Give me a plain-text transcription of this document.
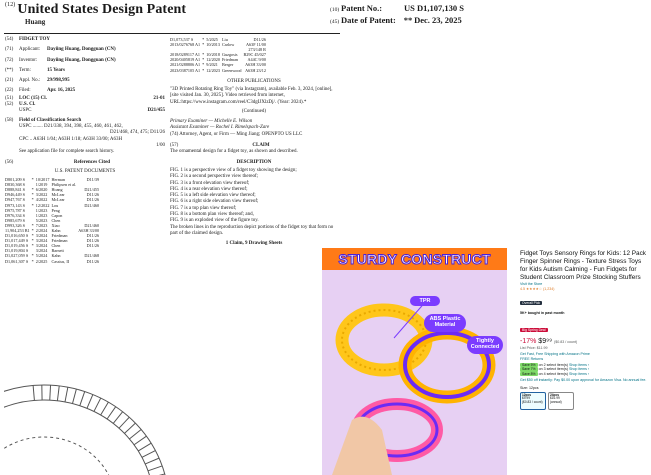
$^{(12)}$ United States Design Patent
Huang
(10) Patent No.:	US D1,107,130 S
(45) Date of Patent: ** Dec. 23, 2025
(54)	FIDGET TOY
(71)	Applicant:	Dayiing Huang, Dongguan (CN)
(72)	Inventor:	Dayiing Huang, Dongguan (CN)
(**)	Term:	15 Years
(21)	Appl. No.:	29/998,995
(22)	Filed:	Apr. 16, 2025
(51) LOC (15) Cl.	21-01
(52)	U.S. Cl.
USPC	D21/455
(58)	Field of Classification Search
USPC ........ D21/338, 394, 398, 455, 460, 461, 462,
D21/468, 474, 475; D11/26
CPC .. A63H 1/04; A63H 1/18; A63H 33/00; A63H
1/00
See application file for complete search history.
(56)	References Cited
U.S. PATENT DOCUMENTS
D801,209 S	*	10/2017	Herman	D11/39
D830,368 S		1/2019	Philipsen et al.	
D888,841 S	*	6/2020	Hoang	D21/455
D946,449 S	*	3/2022	McLear	D11/26
D947,767 S	*	4/2022	McLear	D11/26
D973,143 S	*	12/2022	Lou	D21/460
D975,787 S		1/2023	Peng	
D976,334 S		1/2023	Capon	
D985,679 S		5/2023	Chen	
D993,326 S	*	7/2023	Xiao	D21/460
11,904,253 B1	*	2/2024	Kahn	A63H 33/00
D1,016,650 S	*	3/2024	Friedman	D11/26
D1,017,449 S	*	3/2024	Friedman	D11/26
D1,019,456 S	*	3/2024	Chen	D11/26
D1,019,804 S		3/2024	Barnett	
D1,027,059 S	*	5/2024	Kahn	D21/468
D1,061,307 S	*	2/2025	Cassius, II	D11/26
D1,073,537 S	*	5/2025	Liu	D11/26
2013/0276768 A1	*	10/2013	Carlow	A63F 11/00
				273/148 R
2018/0289117 A1	*	10/2018	Guzgosis	B29C 45/027
2020/0405819 A1	*	12/2020	Friedman	A44C 9/00
2021/0288806 A1	*	9/2021	Berger	A63H 33/00
2023/0387105 A1	*	12/2023	Greenwood	A63H 23/12
OTHER PUBLICATIONS
"3D Printed Rotating Ring Toy" (via Instagram), available Feb. 3, 2024, [online], [site visited Jan. 30, 2025]. Video retrieved from internet, URL:https://www.instagram.com/reel/C3dgIJXlzDj/. (Year: 2024).*
(Continued)
Primary Examiner — Michelle E. Wilson
Assistant Examiner — Rochel I. Rimelspach-Zare
(74) Attorney, Agent, or Firm — Ming Jiang; OPENPTO US LLC
(57)	CLAIM
The ornamental design for a fidget toy, as shown and described.
DESCRIPTION
FIG. 1 is a perspective view of a fidget toy showing the design;
FIG. 2 is a second perspective view thereof;
FIG. 3 is a front elevation view thereof;
FIG. 4 is a rear elevation view thereof;
FIG. 5 is a left side elevation view thereof;
FIG. 6 is a right side elevation view thereof;
FIG. 7 is a top plan view thereof;
FIG. 8 is a bottom plan view thereof; and,
FIG. 9 is an exploded view of the figure toy.
The broken lines in the reproduction depict portions of the fidget toy that form no part of the claimed design.
1 Claim, 9 Drawing Sheets
STURDY CONSTRUCT
TPR
ABS Plastic Material
Tightly Connected
Fidget Toys Sensory Rings for Kids: 12 Pack Finger Spinner Rings - Texture Stress Toys for Kids Autism Calming - Fun Fidgets for Student Classroom Prize Stocking Stuffers
Visit the Store
4.5 ★★★★☆ (1,234)
Overall Pick
5K+ bought in past month
Big Spring Deal
-17% $9⁹⁹ ($0.83 / count)
List Price: $11.99
Get Fast, Free Shipping with Amazon Prime
FREE Returns
Save 5% on 2 select item(s) Shop items ›
Save 7% on 3 select item(s) Shop items ›
Save 8% on 4 select item(s) Shop items ›
Get $50 off instantly: Pay $0.00 upon approval for Amazon Visa. No annual fee.
Size: 12pcs
12pcs
$9.99
($0.83 / count)
24pcs
$16.99
(annual)
